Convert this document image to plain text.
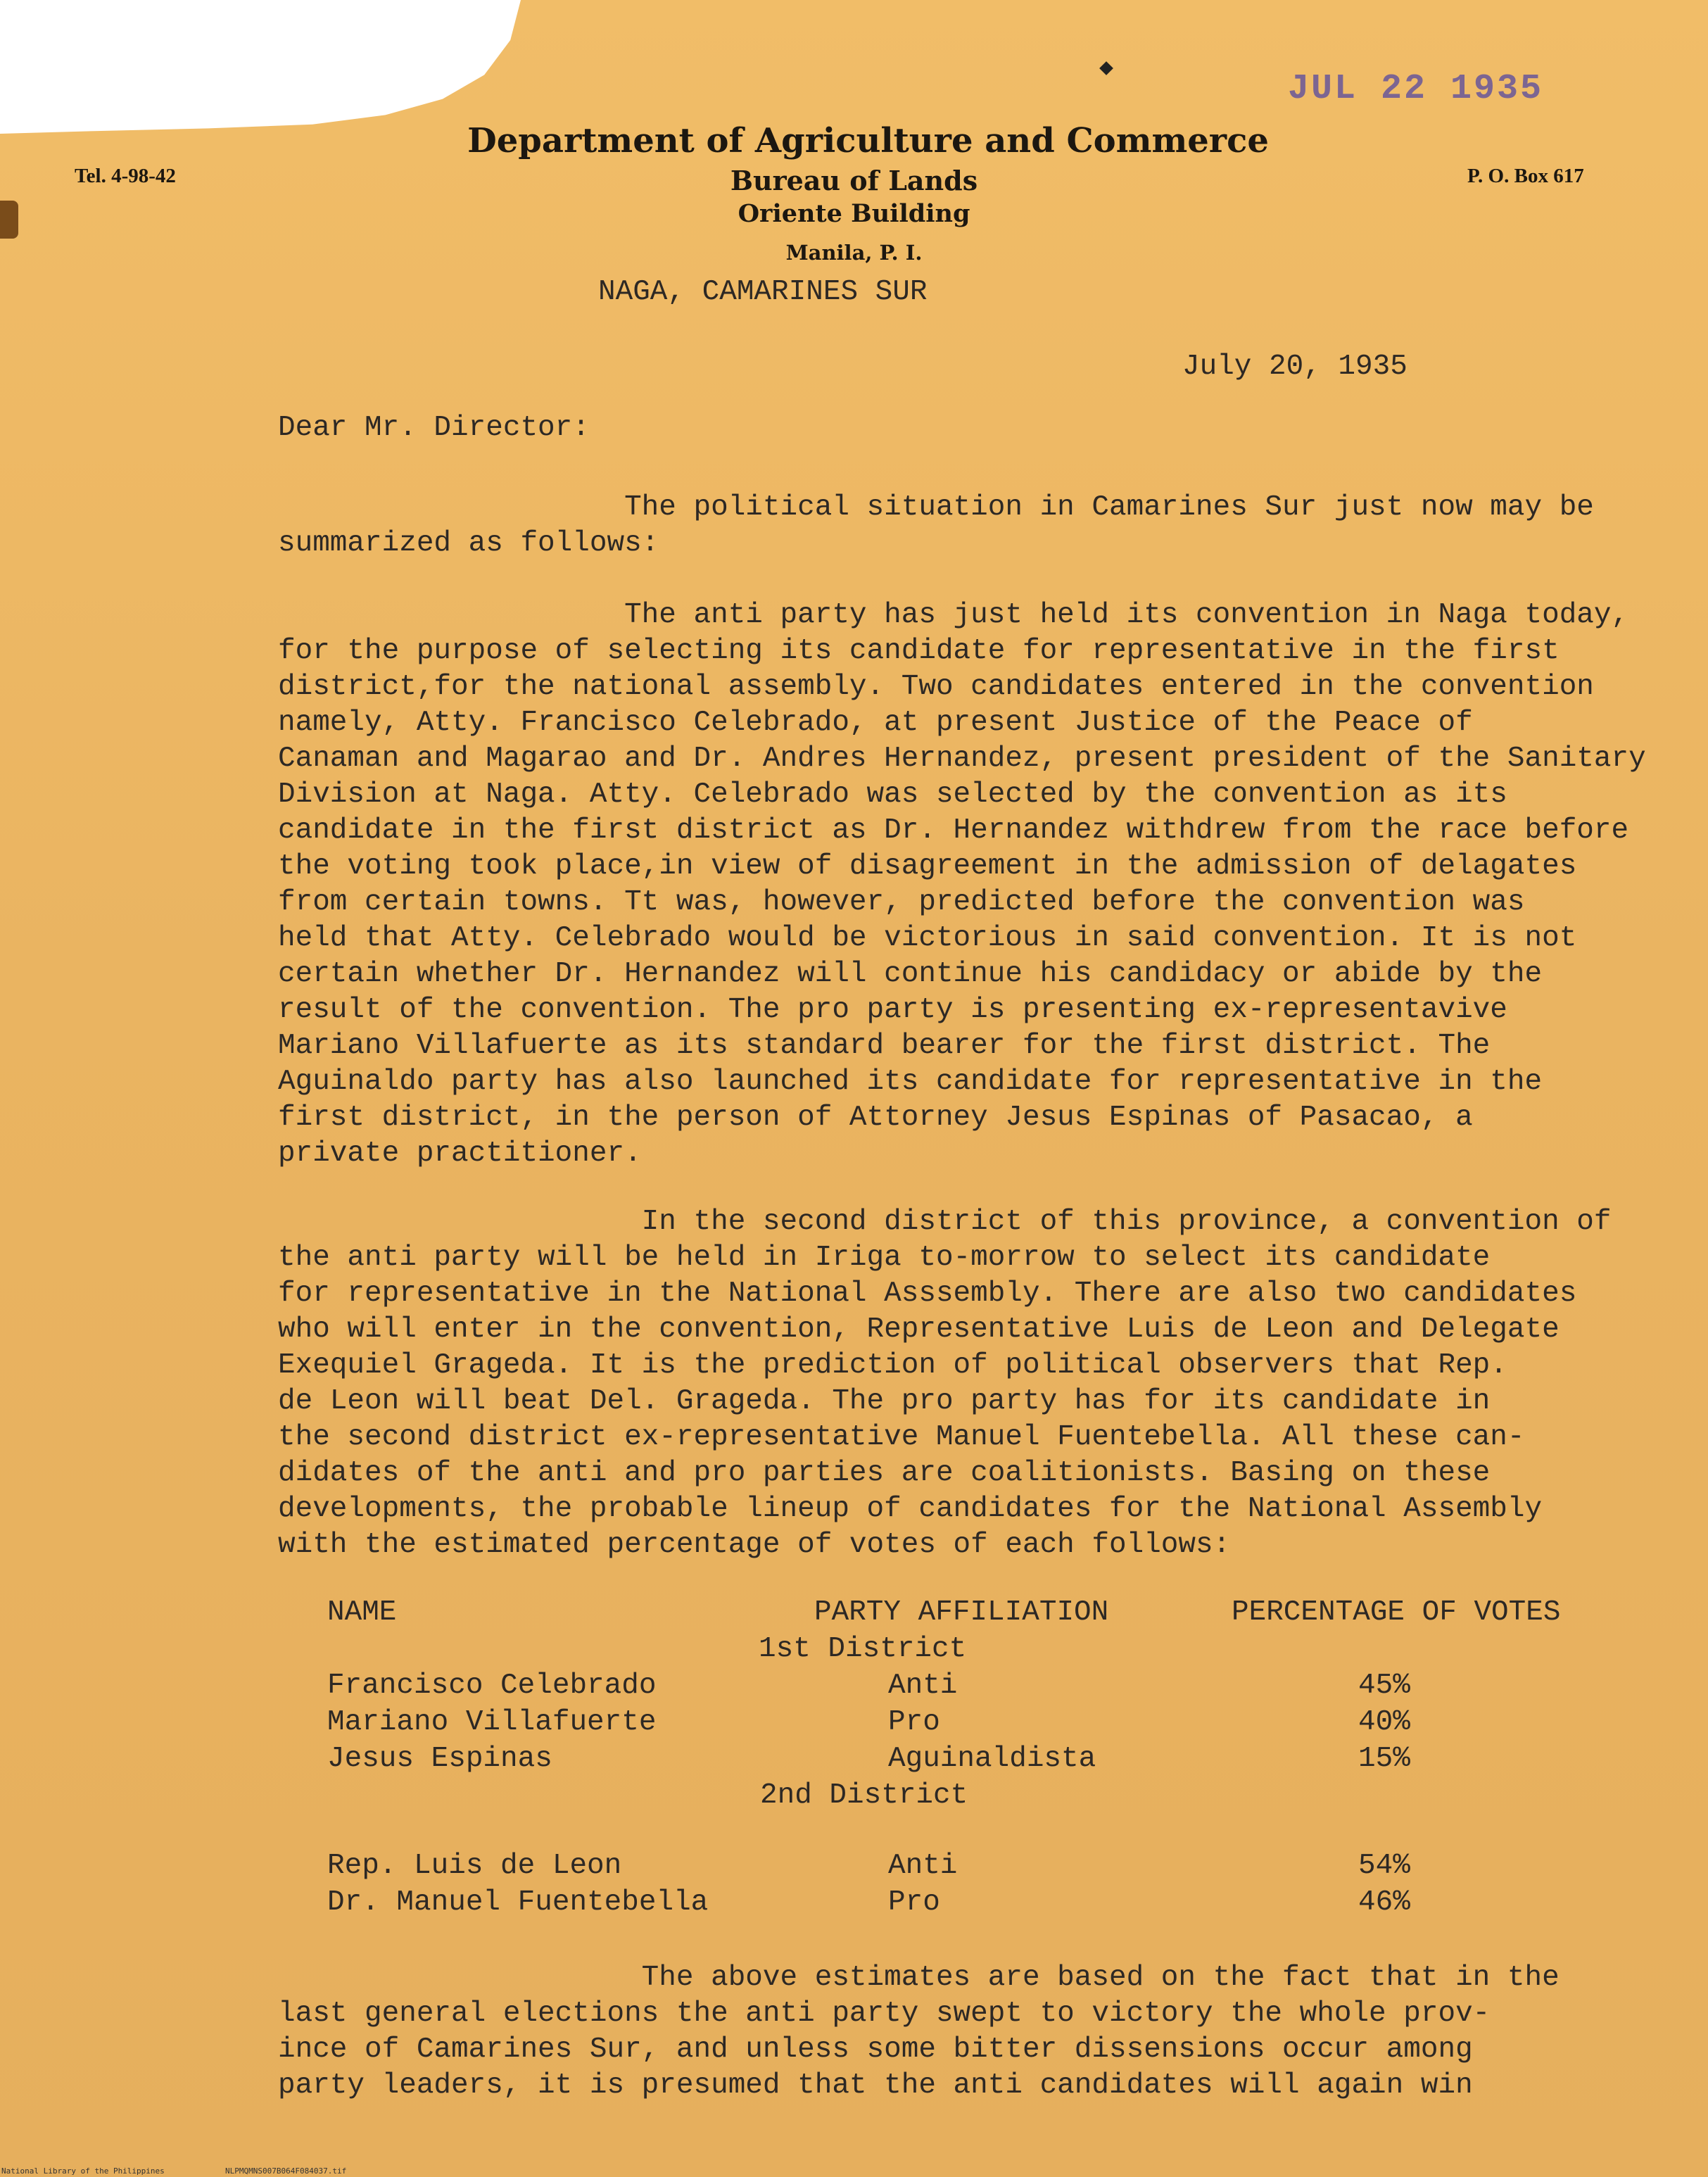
JUL 22 1935
Tel. 4-98-42	P. O. Box 617
Department of Agriculture and Commerce
Bureau of Lands
Oriente Building
Manila, P. I.
NAGA, CAMARINES SUR
July 20, 1935
Dear Mr. Director:
The political situation in Camarines Sur just now may be
summarized as follows:
The anti party has just held its convention in Naga today,
for the purpose of selecting its candidate for representative in the first
district,for the national assembly. Two candidates entered in the convention
namely, Atty. Francisco Celebrado, at present Justice of the Peace of
Canaman and Magarao and Dr. Andres Hernandez, present president of the Sanitary
Division at Naga. Atty. Celebrado was selected by the convention as its
candidate in the first district as Dr. Hernandez withdrew from the race before
the voting took place,in view of disagreement in the admission of delagates
from certain towns. Tt was, however, predicted before the convention was
held that Atty. Celebrado would be victorious in said convention. It is not
certain whether Dr. Hernandez will continue his candidacy or abide by the
result of the convention. The pro party is presenting ex-representavive
Mariano Villafuerte as its standard bearer for the first district. The
Aguinaldo party has also launched its candidate for representative in the
first district, in the person of Attorney Jesus Espinas of Pasacao, a
private practitioner.
In the second district of this province, a convention of
the anti party will be held in Iriga to-morrow to select its candidate
for representative in the National Asssembly. There are also two candidates
who will enter in the convention, Representative Luis de Leon and Delegate
Exequiel Grageda. It is the prediction of political observers that Rep.
de Leon will beat Del. Grageda. The pro party has for its candidate in
the second district ex-representative Manuel Fuentebella. All these can-
didates of the anti and pro parties are coalitionists. Basing on these
developments, the probable lineup of candidates for the National Assembly
with the estimated percentage of votes of each follows:
NAME	PARTY AFFILIATION	PERCENTAGE OF VOTES
1st District
Francisco Celebrado	Anti	45%
Mariano Villafuerte	Pro	40%
Jesus Espinas	Aguinaldista	15%
2nd District
Rep. Luis de Leon	Anti	54%
Dr. Manuel Fuentebella	Pro	46%
The above estimates are based on the fact that in the
last general elections the anti party swept to victory the whole prov-
ince of Camarines Sur, and unless some bitter dissensions occur among
party leaders, it is presumed that the anti candidates will again win
National Library of the Philippines	NLPMQMNS007B064F084037.tif
